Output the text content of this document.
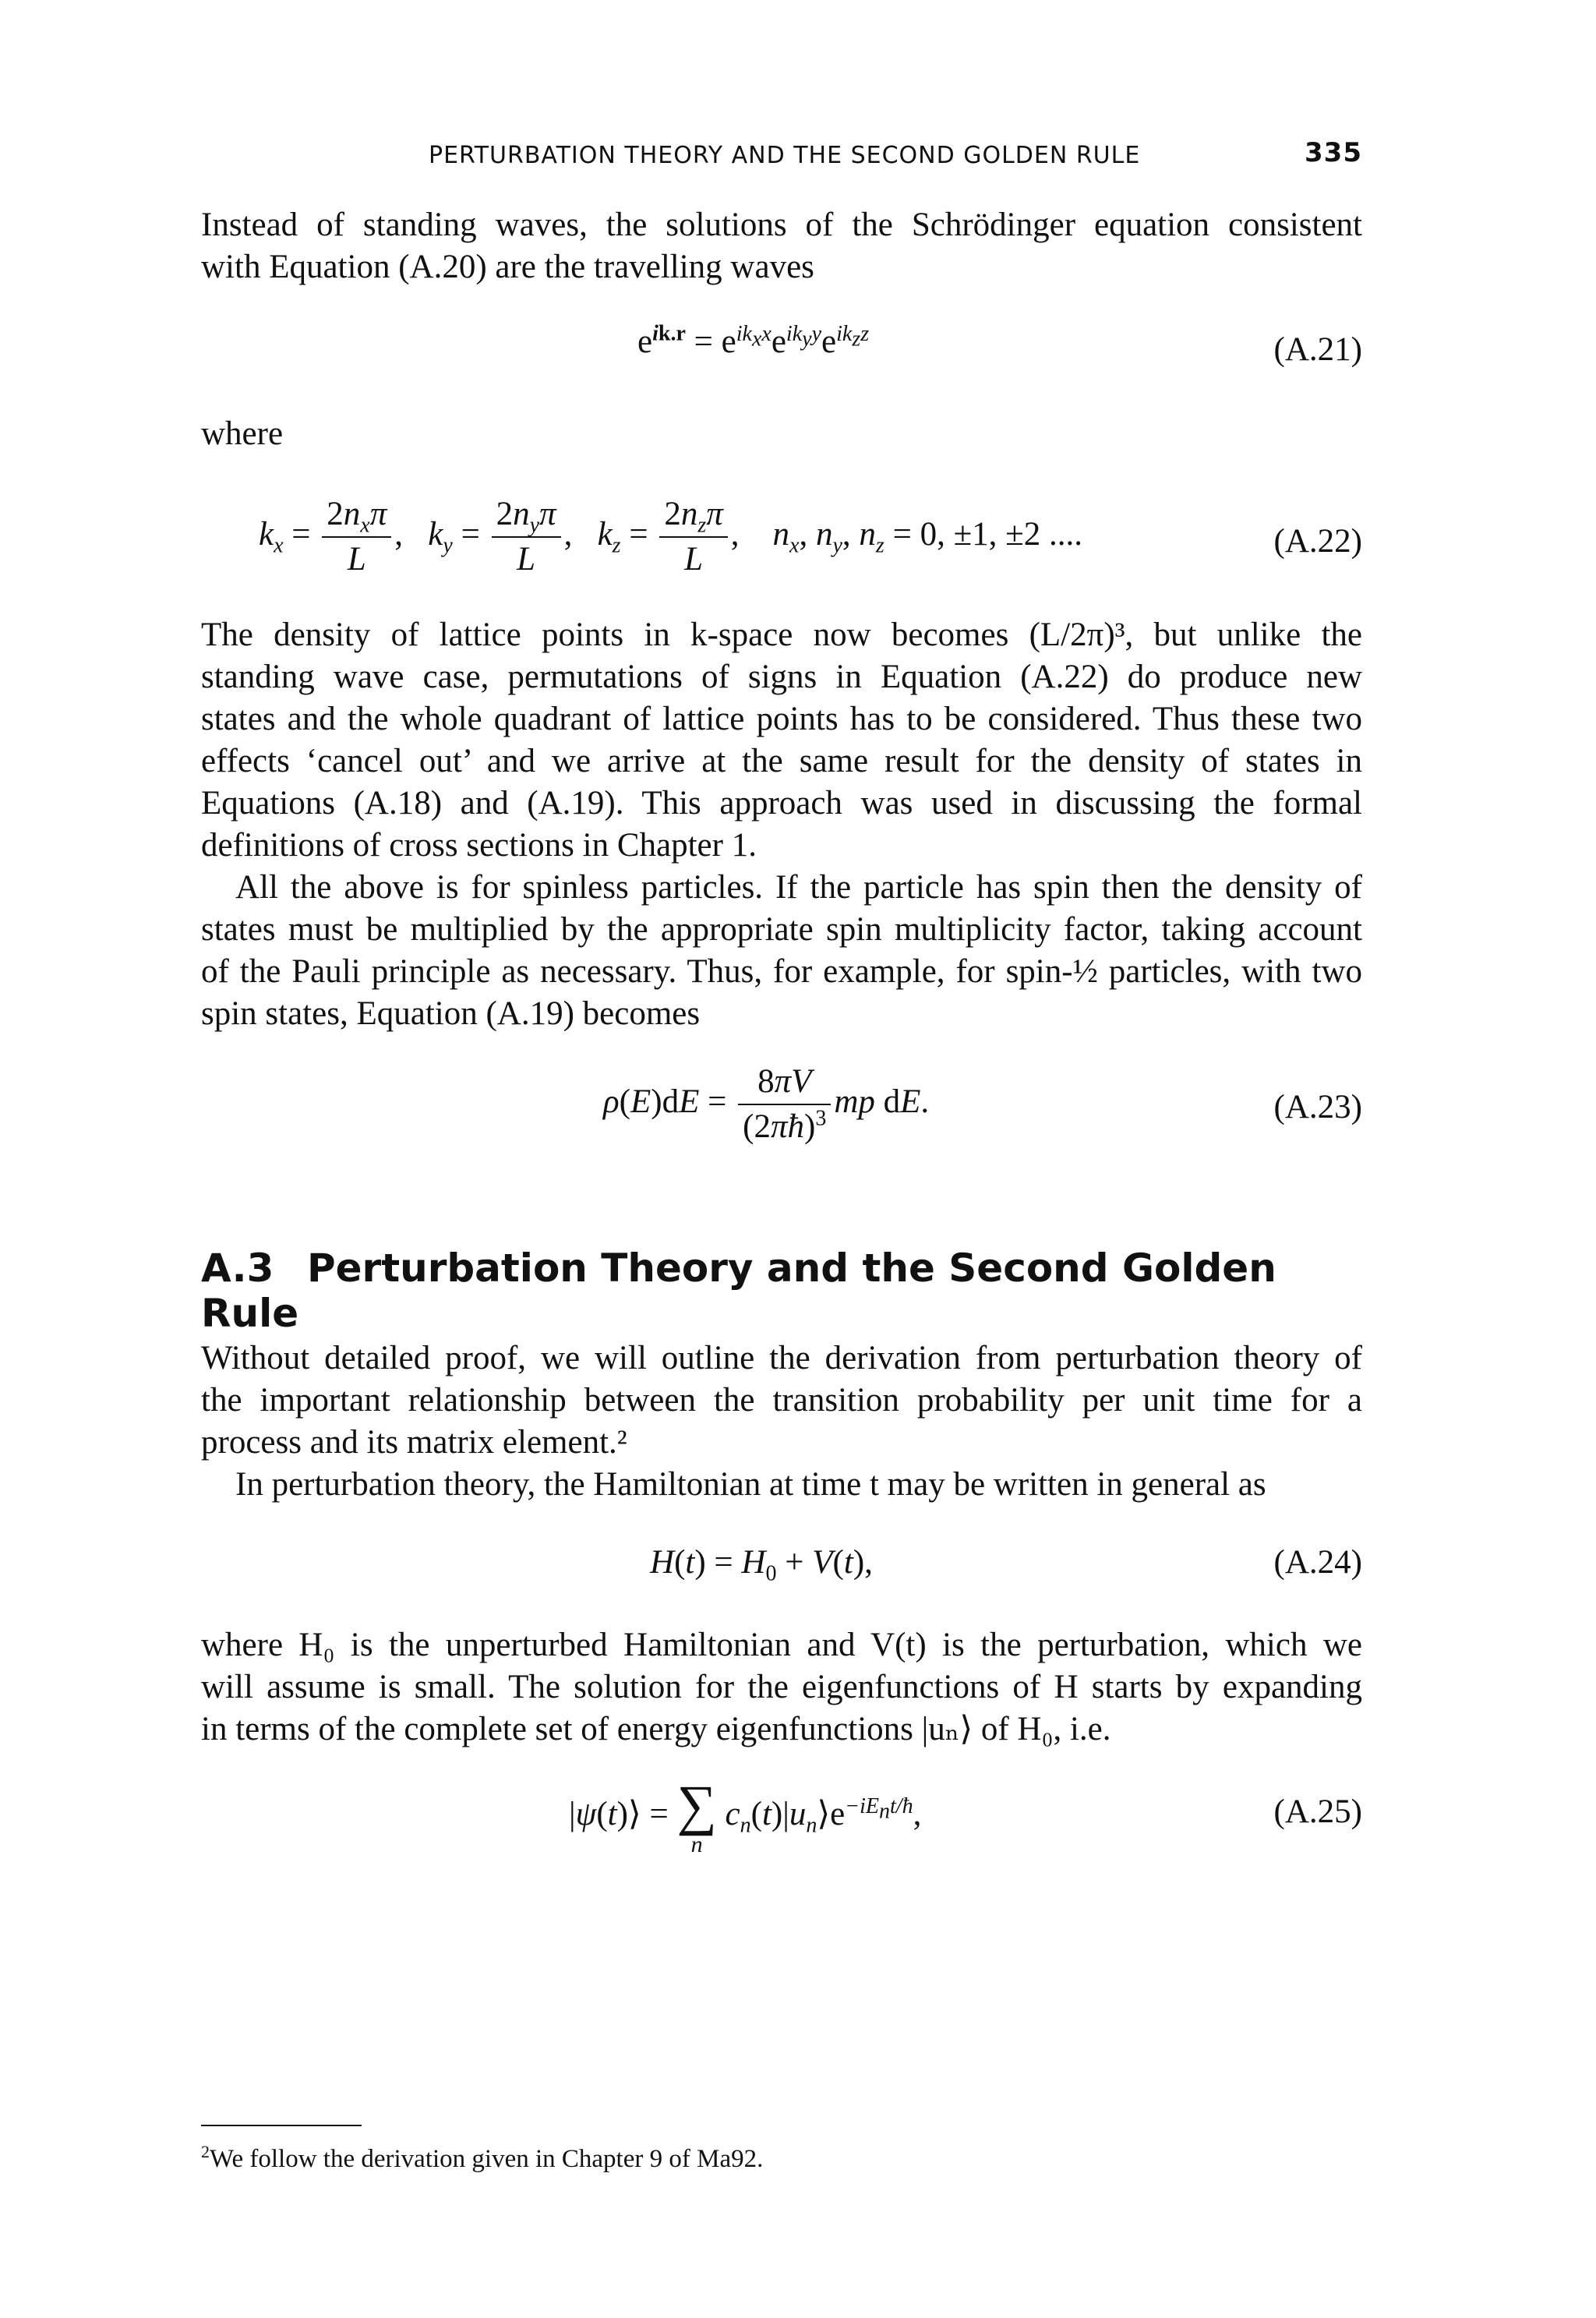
PERTURBATION THEORY AND THE SECOND GOLDEN RULE	335

Instead of standing waves, the solutions of the Schrödinger equation consistent
with Equation (A.20) are the travelling waves

$e^{ik.r} = e^{ik_xx}e^{ik_yy}e^{ik_zz}$	(A.21)

where

$k_x = \frac{2n_x\pi}{L}$ ,   $k_y = \frac{2n_y\pi}{L}$ ,   $k_z = \frac{2n_z\pi}{L}$ ,    $n_x$, $n_y$, $n_z = 0$, ±1, ±2 ....	(A.22)

The density of lattice points in k-space now becomes (L/2π)³, but unlike the
standing wave case, permutations of signs in Equation (A.22) do produce new
states and the whole quadrant of lattice points has to be considered. Thus these two
effects ‘cancel out’ and we arrive at the same result for the density of states in
Equations (A.18) and (A.19). This approach was used in discussing the formal
definitions of cross sections in Chapter 1.

All the above is for spinless particles. If the particle has spin then the density of
states must be multiplied by the appropriate spin multiplicity factor, taking account
of the Pauli principle as necessary. Thus, for example, for spin-½ particles, with two
spin states, Equation (A.19) becomes

$\rho(E)dE = \frac{8\pi V}{(2\pi ħ)^3}$ mp dE.	(A.23)
A.3 Perturbation Theory and the Second Golden Rule

Without detailed proof, we will outline the derivation from perturbation theory of
the important relationship between the transition probability per unit time for a
process and its matrix element.²

In perturbation theory, the Hamiltonian at time t may be written in general as

$H(t) = H_0 + V(t)$,	(A.24)

where H₀ is the unperturbed Hamiltonian and V(t) is the perturbation, which we
will assume is small. The solution for the eigenfunctions of H starts by expanding
in terms of the complete set of energy eigenfunctions |uₙ⟩ of H₀, i.e.

|ψ(t)⟩ = ∑
n
$c_n(t)|u_n⟩e^{-iE_nt/ħ}$,	(A.25)
$^2$We follow the derivation given in Chapter 9 of Ma92.
